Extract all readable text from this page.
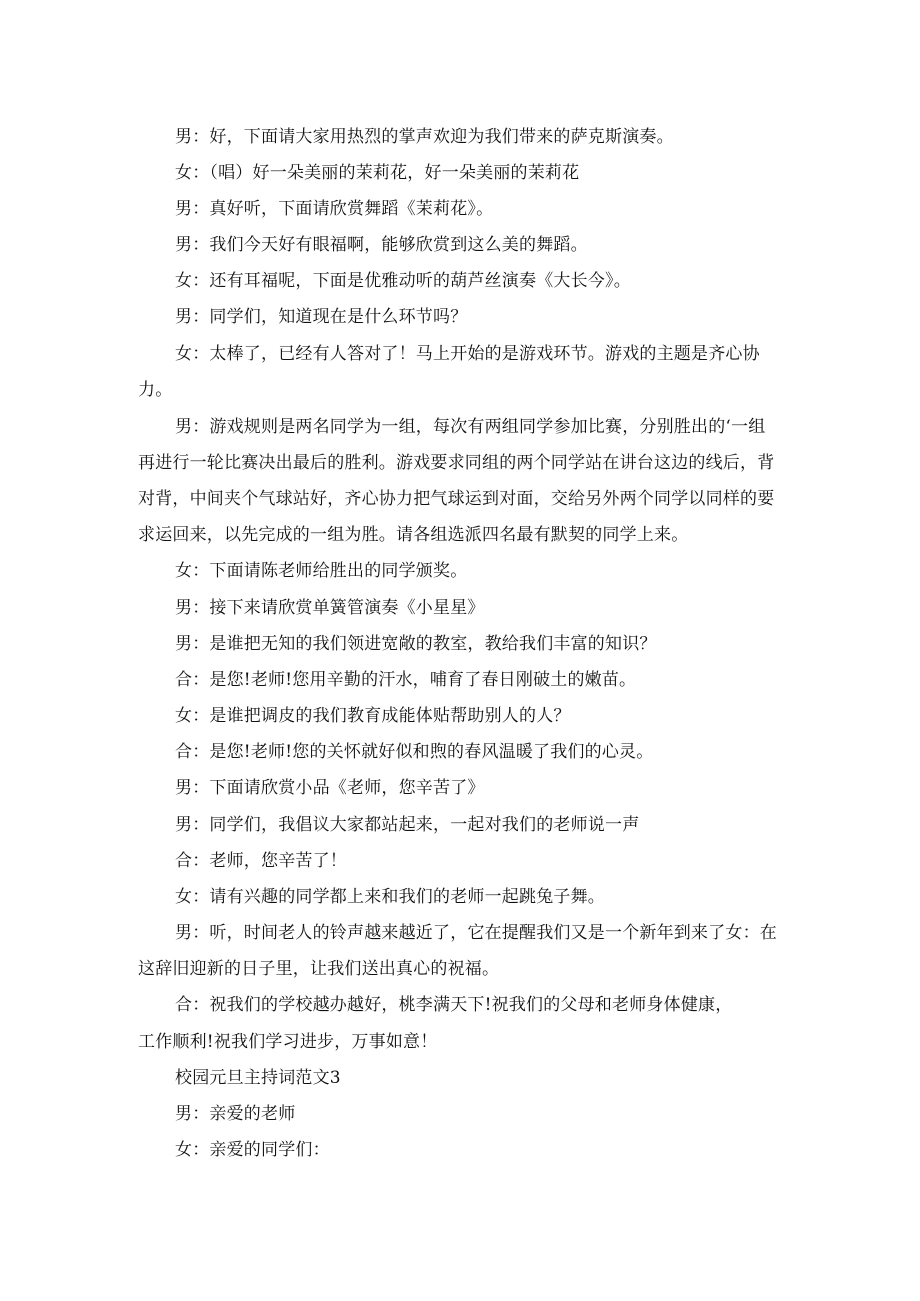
男：好，下面请大家用热烈的掌声欢迎为我们带来的萨克斯演奏。
女：（唱）好一朵美丽的茉莉花，好一朵美丽的茉莉花
男：真好听，下面请欣赏舞蹈《茉莉花》。
男：我们今天好有眼福啊，能够欣赏到这么美的舞蹈。
女：还有耳福呢，下面是优雅动听的葫芦丝演奏《大长今》。
男：同学们，知道现在是什么环节吗？
女：太棒了，已经有人答对了！马上开始的是游戏环节。游戏的主题是齐心协
力。
男：游戏规则是两名同学为一组，每次有两组同学参加比赛，分别胜出的‘一组
再进行一轮比赛决出最后的胜利。游戏要求同组的两个同学站在讲台这边的线后，背
对背，中间夹个气球站好，齐心协力把气球运到对面，交给另外两个同学以同样的要
求运回来，以先完成的一组为胜。请各组选派四名最有默契的同学上来。
女：下面请陈老师给胜出的同学颁奖。
男：接下来请欣赏单簧管演奏《小星星》
男：是谁把无知的我们领进宽敞的教室，教给我们丰富的知识？
合：是您!老师!您用辛勤的汗水，哺育了春日刚破土的嫩苗。
女：是谁把调皮的我们教育成能体贴帮助别人的人？
合：是您!老师!您的关怀就好似和煦的春风温暖了我们的心灵。
男：下面请欣赏小品《老师，您辛苦了》
男：同学们，我倡议大家都站起来，一起对我们的老师说一声
合：老师，您辛苦了！
女：请有兴趣的同学都上来和我们的老师一起跳兔子舞。
男：听，时间老人的铃声越来越近了，它在提醒我们又是一个新年到来了女：在
这辞旧迎新的日子里，让我们送出真心的祝福。
合：祝我们的学校越办越好，桃李满天下!祝我们的父母和老师身体健康，
工作顺利!祝我们学习进步，万事如意！
校园元旦主持词范文3
男：亲爱的老师
女：亲爱的同学们：
